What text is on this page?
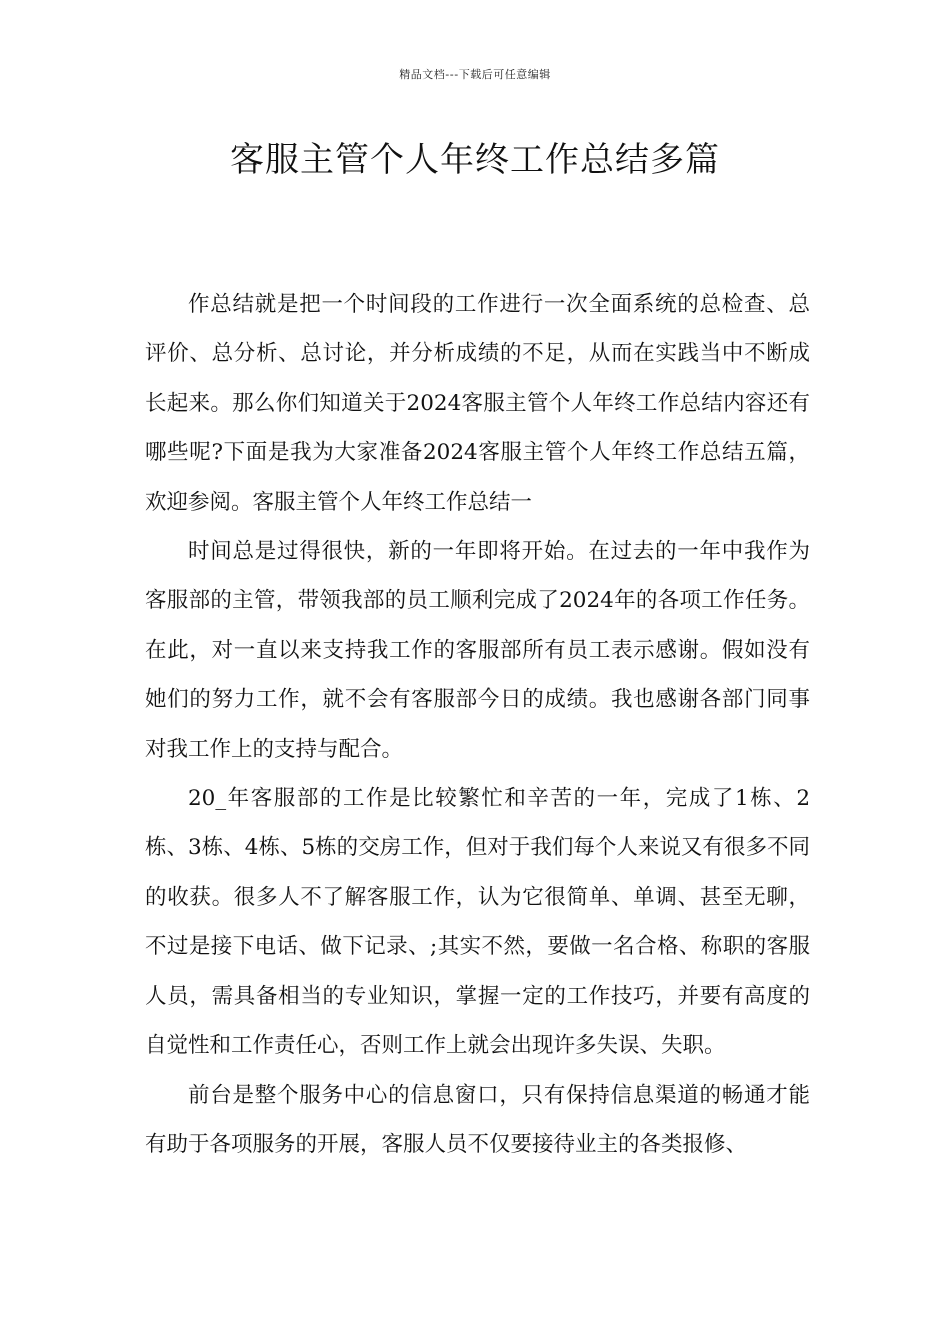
精品文档---下载后可任意编辑
客服主管个人年终工作总结多篇

作总结就是把一个时间段的工作进行一次全面系统的总检查、总评价、总分析、总讨论，并分析成绩的不足，从而在实践当中不断成长起来。那么你们知道关于2024客服主管个人年终工作总结内容还有哪些呢?下面是我为大家准备2024客服主管个人年终工作总结五篇，欢迎参阅。客服主管个人年终工作总结一

时间总是过得很快，新的一年即将开始。在过去的一年中我作为客服部的主管，带领我部的员工顺利完成了2024年的各项工作任务。在此，对一直以来支持我工作的客服部所有员工表示感谢。假如没有她们的努力工作，就不会有客服部今日的成绩。我也感谢各部门同事对我工作上的支持与配合。

20_年客服部的工作是比较繁忙和辛苦的一年，完成了1栋、2栋、3栋、4栋、5栋的交房工作，但对于我们每个人来说又有很多不同的收获。很多人不了解客服工作，认为它很简单、单调、甚至无聊，不过是接下电话、做下记录、;其实不然，要做一名合格、称职的客服人员，需具备相当的专业知识，掌握一定的工作技巧，并要有高度的自觉性和工作责任心，否则工作上就会出现许多失误、失职。

前台是整个服务中心的信息窗口，只有保持信息渠道的畅通才能有助于各项服务的开展，客服人员不仅要接待业主的各类报修、
